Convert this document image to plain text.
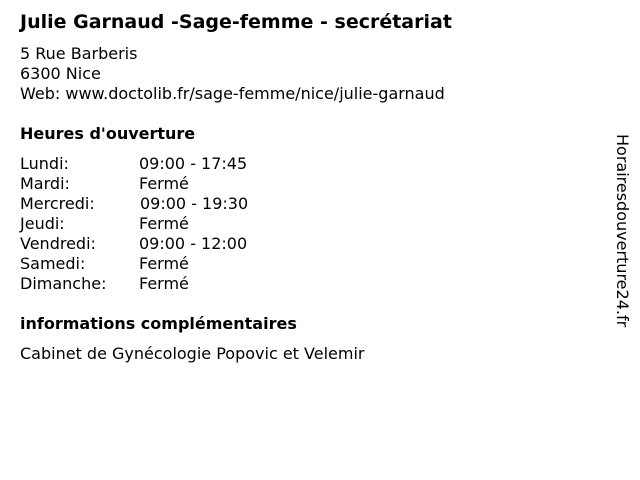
Julie Garnaud -Sage-femme - secrétariat
5 Rue Barberis
6300 Nice
Web: www.doctolib.fr/sage-femme/nice/julie-garnaud
Heures d'ouverture
Lundi:	09:00 - 17:45
Mardi:	Fermé
Mercredi:	09:00 - 19:30
Jeudi:	Fermé
Vendredi:	09:00 - 12:00
Samedi:	Fermé
Dimanche: Fermé
informations complémentaires
Cabinet de Gynécologie Popovic et Velemir
Horairesdouverture24.fr
